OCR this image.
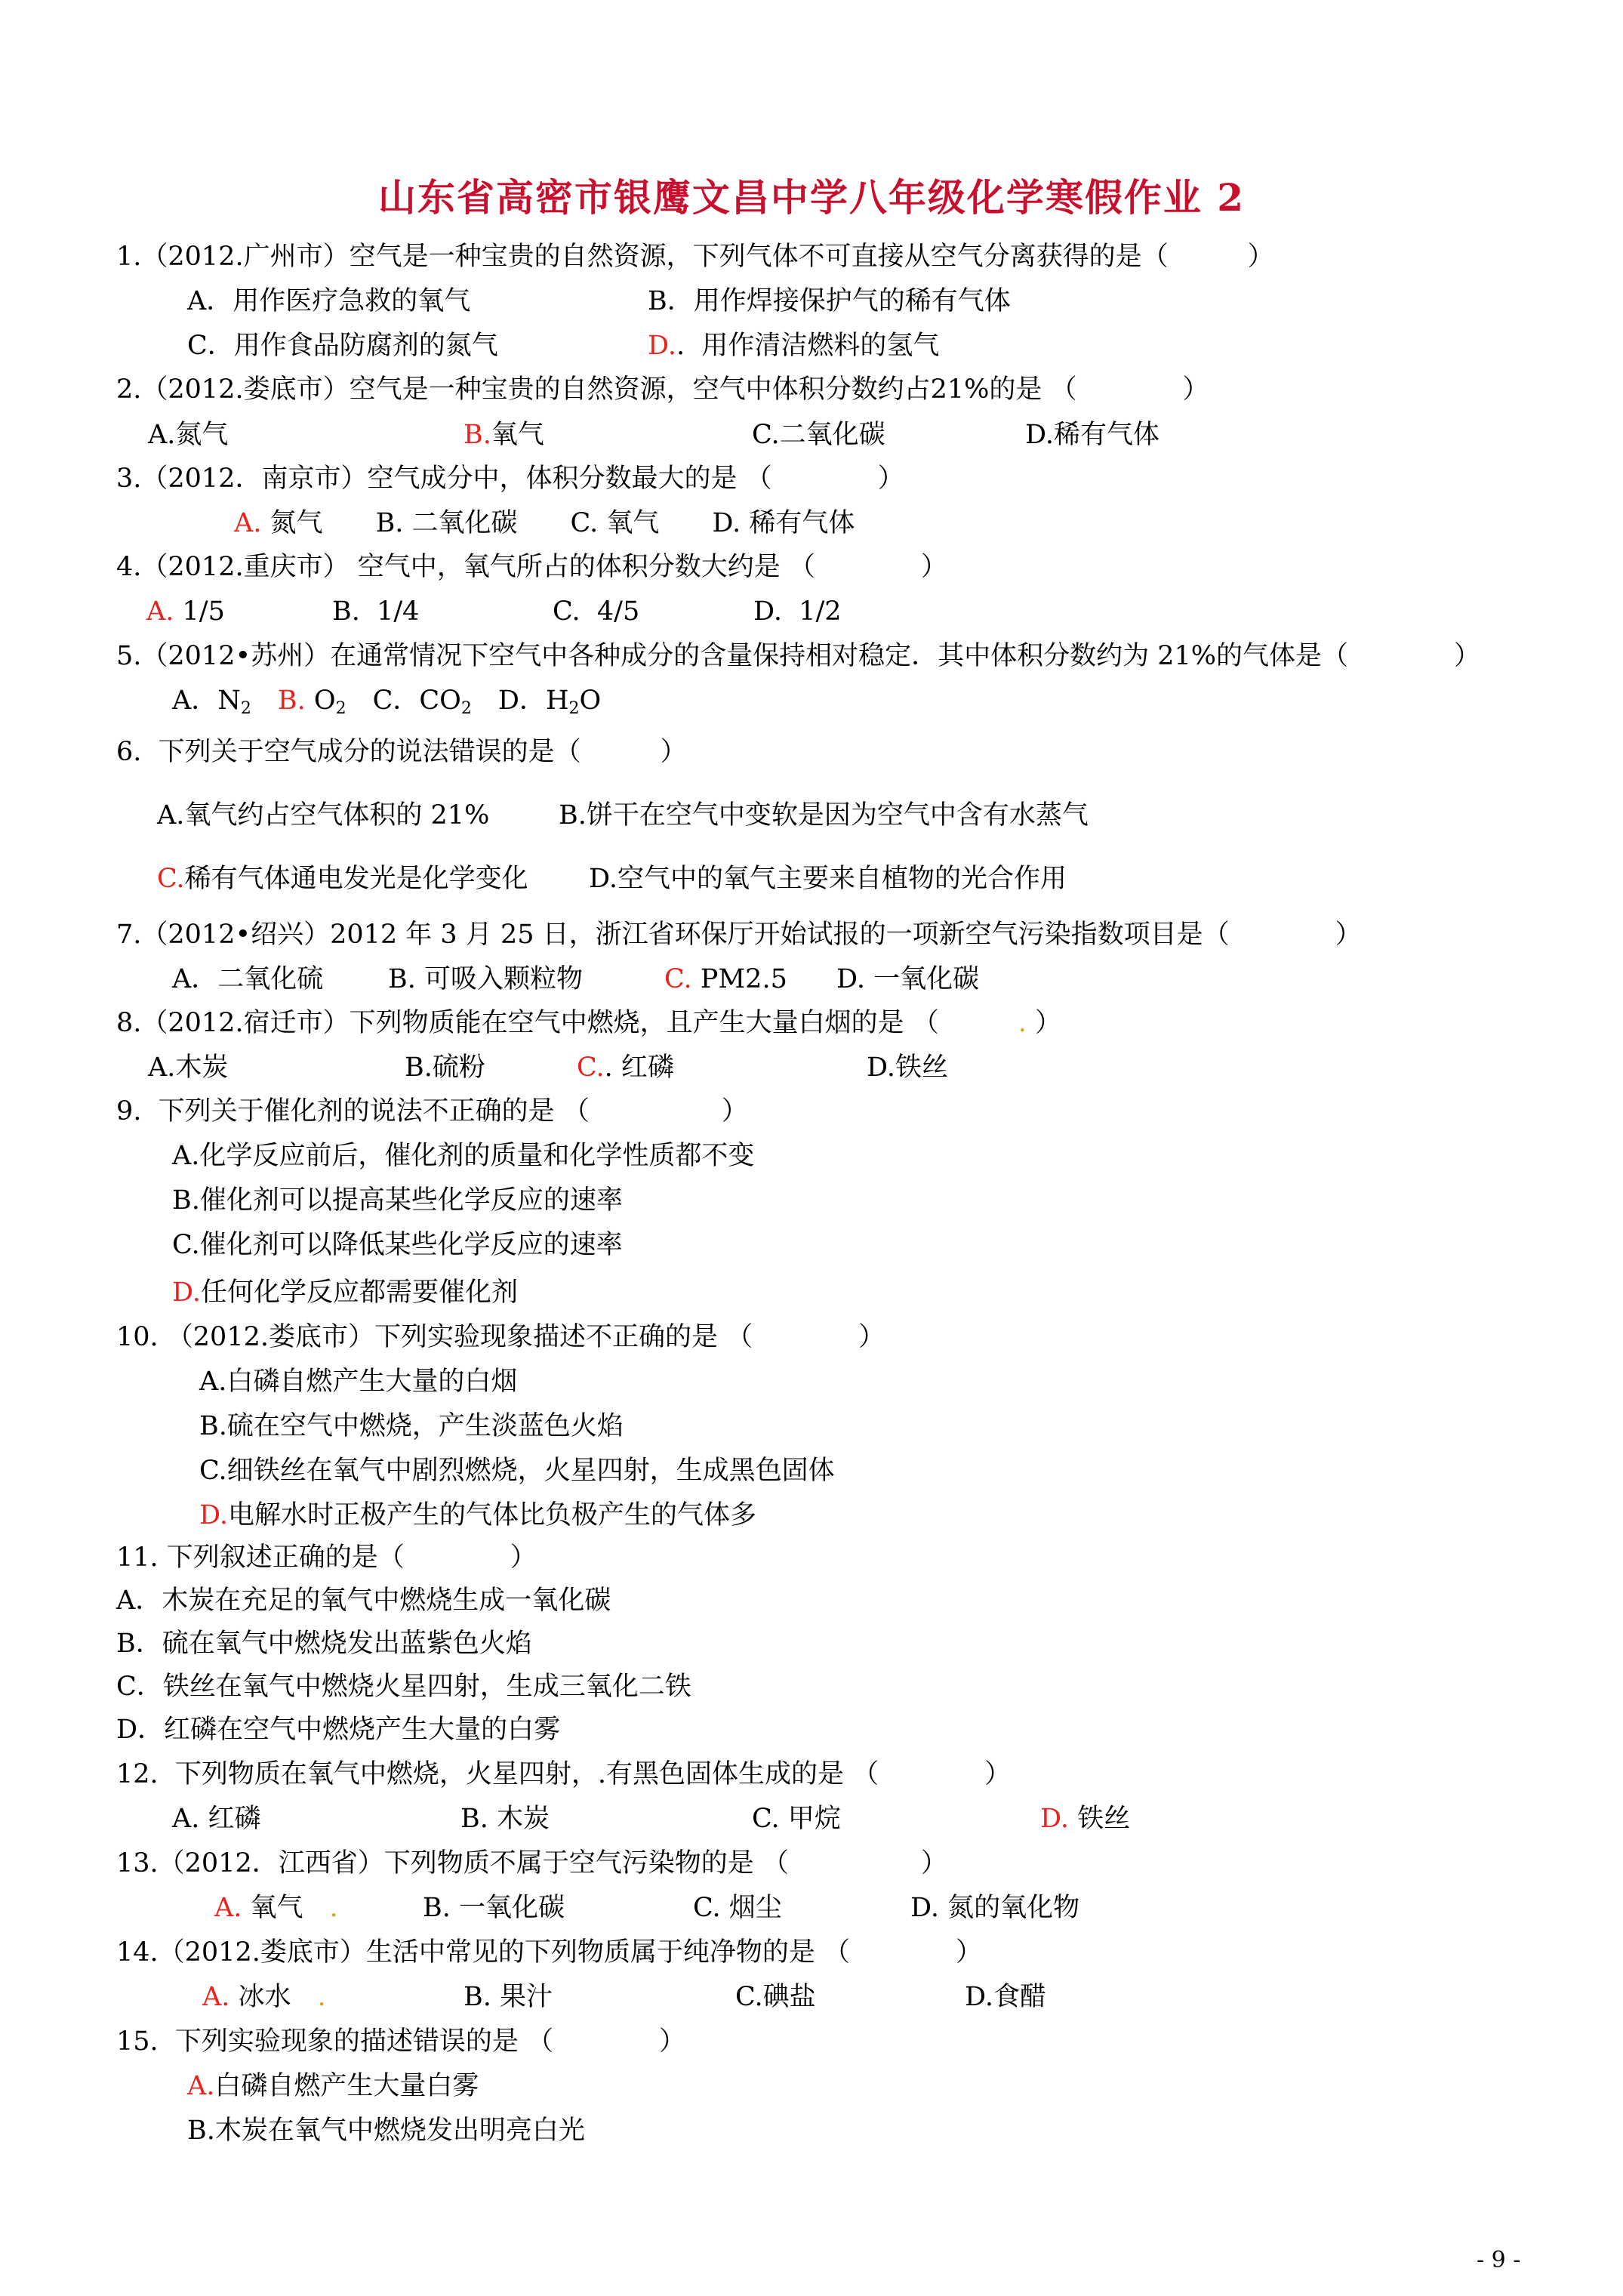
山东省高密市银鹰文昌中学八年级化学寒假作业 2
1.（2012.广州市）空气是一种宝贵的自然资源，下列气体不可直接从空气分离获得的是（　　　）
A．用作医疗急救的氧气	B．用作焊接保护气的稀有气体
C．用作食品防腐剂的氮气	D..  用作清洁燃料的氢气
2.（2012.娄底市）空气是一种宝贵的自然资源，空气中体积分数约占21%的是 （　　　　）
A.氮气	B.氧气	C.二氧化碳	D.稀有气体
3.（2012．南京市）空气成分中，体积分数最大的是 （　　　　）
A. 氮气　　 B. 二氧化碳　　C. 氧气　　D. 稀有气体
4.（2012.重庆市） 空气中，氧气所占的体积分数大约是 （　　　　）
A. 1/5	B.  1/4	C.  4/5	D.  1/2
5.（2012•苏州）在通常情况下空气中各种成分的含量保持相对稳定．其中体积分数约为 21%的气体是（　　　　）
A．$N_2$　 B. $O_2$　 C．$CO_2$　 D．$H_2O$
6.  下列关于空气成分的说法错误的是（　　　）
A.氧气约占空气体积的 21%	B.饼干在空气中变软是因为空气中含有水蒸气
C.稀有气体通电发光是化学变化 D.空气中的氧气主要来自植物的光合作用
7.（2012•绍兴）2012 年 3 月 25 日，浙江省环保厅开始试报的一项新空气污染指数项目是（　　　　）
A．二氧化硫 B. 可吸入颗粒物	C. PM2.5 D. 一氧化碳
8.（2012.宿迁市）下列物质能在空气中燃烧，且产生大量白烟的是 （　　　. ）
A.木炭	B.硫粉	C.. 红磷	D.铁丝
9.  下列关于催化剂的说法不正确的是 （　　　　　）
A.化学反应前后，催化剂的质量和化学性质都不变
B.催化剂可以提高某些化学反应的速率
C.催化剂可以降低某些化学反应的速率
D.任何化学反应都需要催化剂
10. （2012.娄底市）下列实验现象描述不正确的是 （　　　　）
A.白磷自燃产生大量的白烟
B.硫在空气中燃烧，产生淡蓝色火焰
C.细铁丝在氧气中剧烈燃烧，火星四射，生成黑色固体
D.电解水时正极产生的气体比负极产生的气体多
11. 下列叙述正确的是（　　　　）
A．木炭在充足的氧气中燃烧生成一氧化碳
B．硫在氧气中燃烧发出蓝紫色火焰
C．铁丝在氧气中燃烧火星四射，生成三氧化二铁
D．红磷在空气中燃烧产生大量的白雾
12.  下列物质在氧气中燃烧，火星四射，.有黑色固体生成的是 （　　　　）
A. 红磷	B. 木炭	C. 甲烷	D. 铁丝
13.（2012．江西省）下列物质不属于空气污染物的是 （　　　　　）
A. 氧气　 .	B. 一氧化碳	C. 烟尘	D. 氮的氧化物
14.（2012.娄底市）生活中常见的下列物质属于纯净物的是 （　　　　）
A. 冰水　 .	B. 果汁	C.碘盐	D.食醋
15.  下列实验现象的描述错误的是 （　　　　）
A.白磷自燃产生大量白雾
B.木炭在氧气中燃烧发出明亮白光
- 9 -
